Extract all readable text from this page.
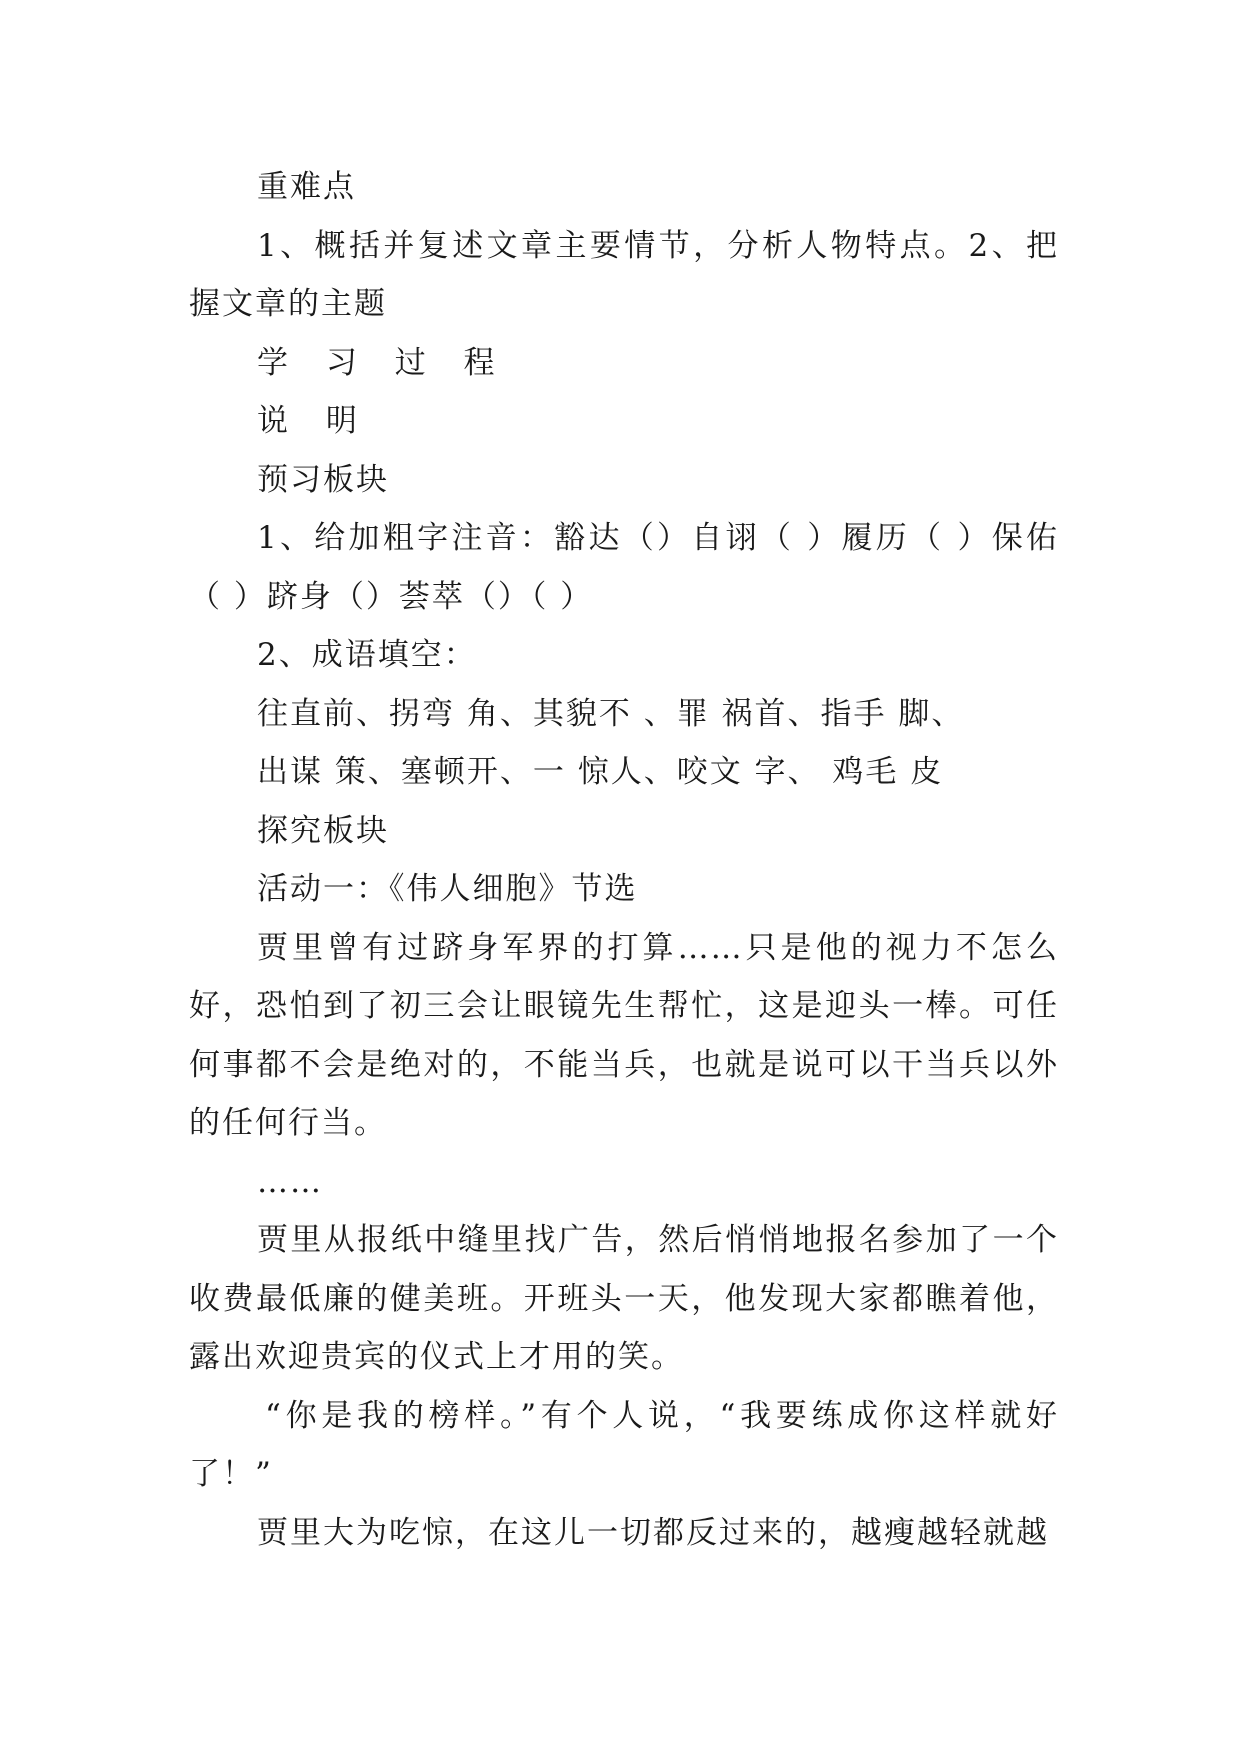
重难点

1、概括并复述文章主要情节，分析人物特点。2、把握文章的主题

学 习 过 程

说 明

预习板块

1、给加粗字注音：豁达（）自诩（ ）履历（ ）保佑（ ）跻身（）荟萃（）（ ）

2、成语填空：

往直前、拐弯 角、其貌不 、罪 祸首、指手 脚、

出谋 策、塞顿开、一 惊人、咬文 字、 鸡毛 皮

探究板块

活动一：《伟人细胞》节选

贾里曾有过跻身军界的打算……只是他的视力不怎么好，恐怕到了初三会让眼镜先生帮忙，这是迎头一棒。可任何事都不会是绝对的，不能当兵，也就是说可以干当兵以外的任何行当。

……

贾里从报纸中缝里找广告，然后悄悄地报名参加了一个收费最低廉的健美班。开班头一天，他发现大家都瞧着他，露出欢迎贵宾的仪式上才用的笑。

“你是我的榜样。”有个人说，“我要练成你这样就好了！”

贾里大为吃惊，在这儿一切都反过来的，越瘦越轻就越
